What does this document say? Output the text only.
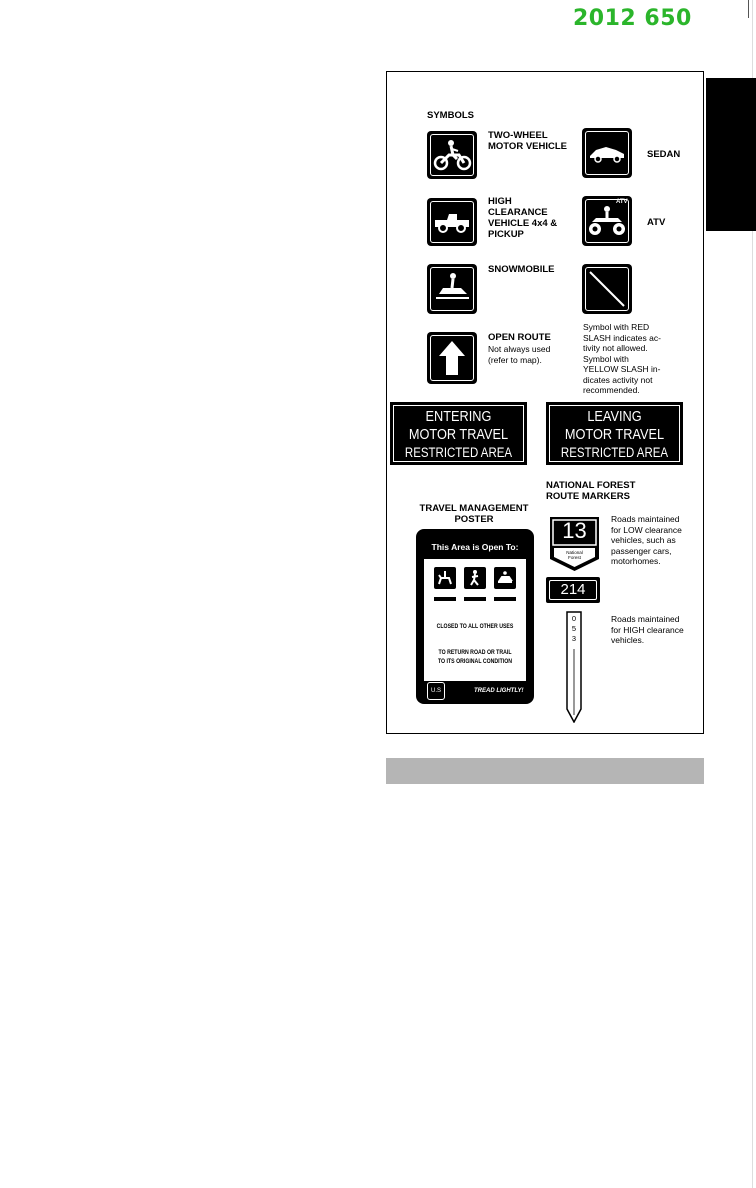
2012 650
SYMBOLS
TWO-WHEEL
MOTOR VEHICLE
SEDAN
HIGH
CLEARANCE
VEHICLE 4x4 &
PICKUP
ATV
ATV
SNOWMOBILE
OPEN ROUTE
Not always used
(refer to map).
Symbol with RED
SLASH indicates ac-
tivity not allowed.
Symbol with
YELLOW SLASH in-
dicates activity not
recommended.
ENTERING
MOTOR TRAVEL
RESTRICTED AREA
LEAVING
MOTOR TRAVEL
RESTRICTED AREA
TRAVEL MANAGEMENT
POSTER
This Area is Open To:
CLOSED TO ALL OTHER USES
TO RETURN ROAD OR TRAIL
TO ITS ORIGINAL CONDITION
U.S	TREAD LIGHTLY!
NATIONAL FOREST
ROUTE MARKERS
13
National
Forest
Roads maintained
for LOW clearance
vehicles, such as
passenger cars,
motorhomes.
214
0
5
3
Roads maintained
for HIGH clearance
vehicles.
